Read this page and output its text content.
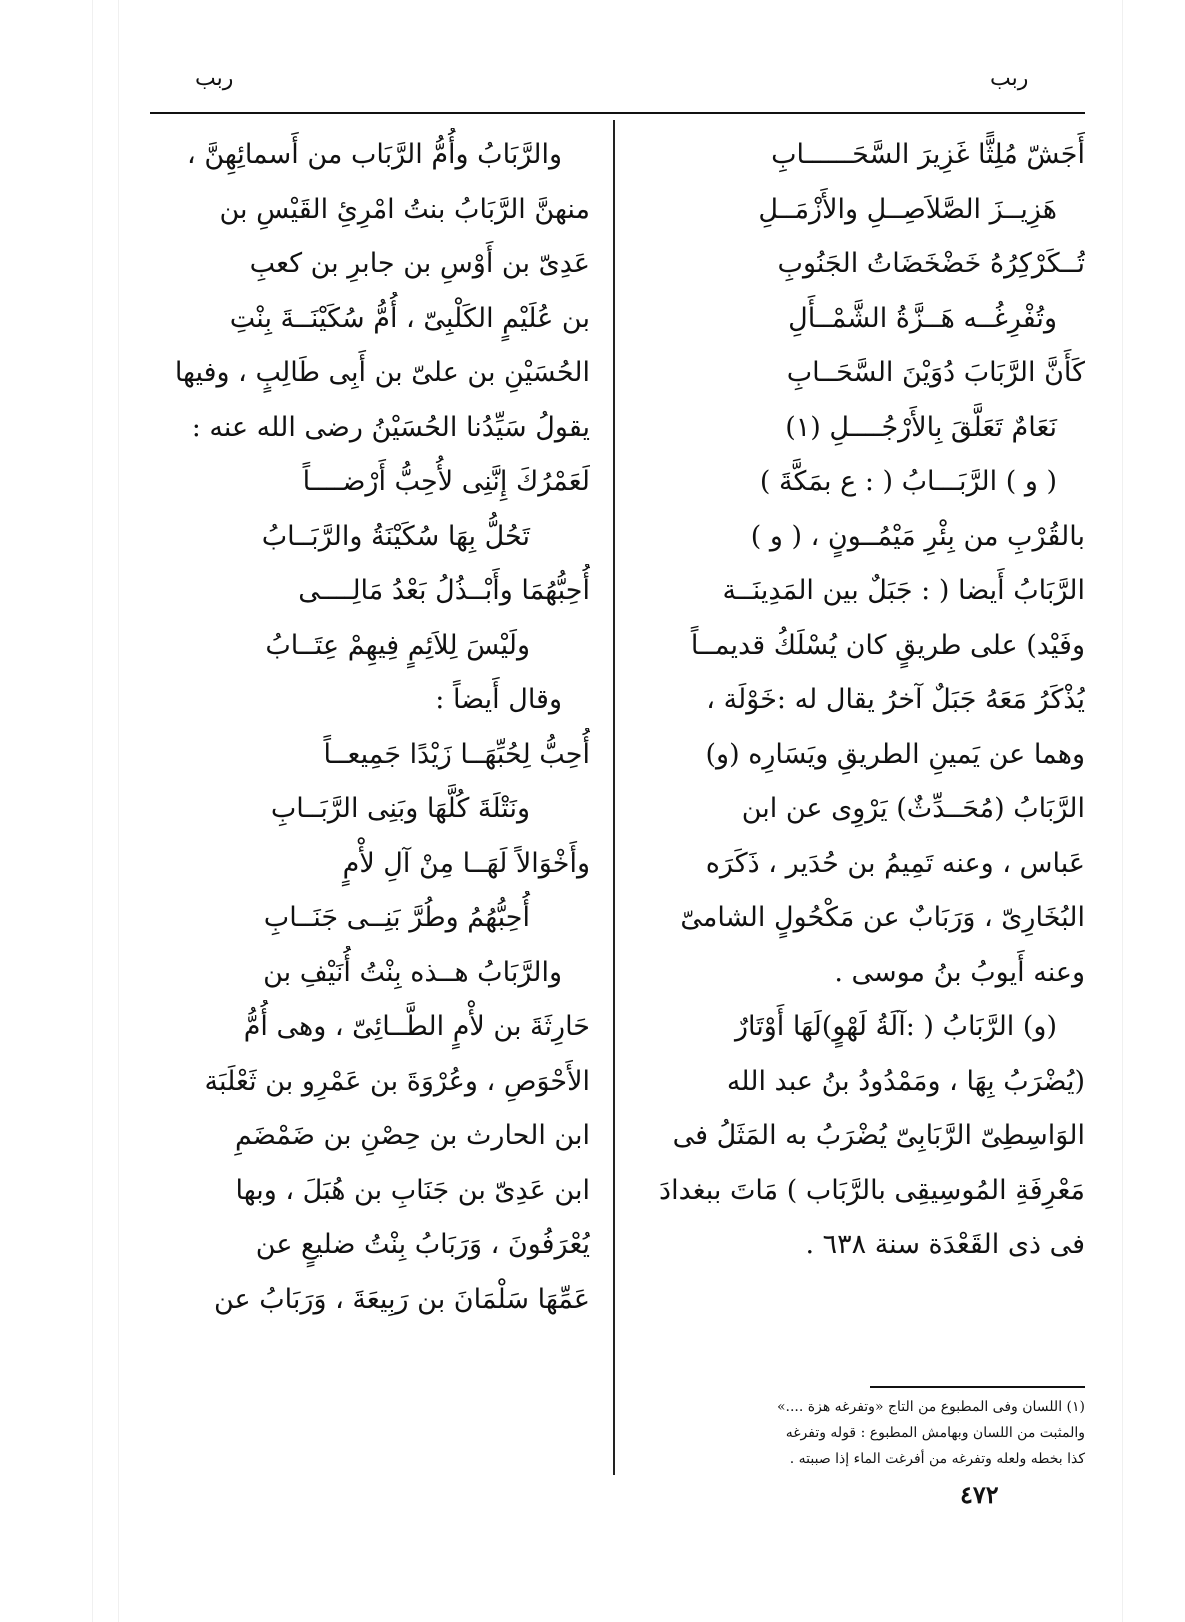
ربب
ربب
أَجَشّ مُلِثًّا غَزِيرَ السَّحَــــــابِ
هَزِيــزَ الصَّلاَصِــلِ والأَزْمَــلِ
تُــكَرْكِرُهُ خَضْخَضَاتُ الجَنُوبِ
وتُفْرِغُــه هَــزَّةُ الشَّمْــأَلِ
كَأَنَّ الرَّبَابَ دُوَيْنَ السَّحَــابِ
نَعَامٌ تَعَلَّقَ بِالأَرْجُــــلِ (١)
( و ) الرَّبَـــابُ ( : ع بمَكَّةَ )
بالقُرْبِ من بِئْرِ مَيْمُــونٍ ، ( و )
الرَّبَابُ أَيضا ( : جَبَلٌ بين المَدِينَــة
وفَيْد) على طريقٍ كان يُسْلَكُ قديمــاً
يُذْكَرُ مَعَهُ جَبَلٌ آخرُ يقال له :خَوْلَة ،
وهما عن يَمينِ الطريقِ ويَسَارِه (و)
الرَّبَابُ (مُحَــدِّثٌ) يَرْوِى عن ابن
عَباس ، وعنه تَمِيمُ بن حُدَير ، ذَكَرَه
البُخَارِىّ ، وَرَبَابٌ عن مَكْحُولٍ الشامىّ
وعنه أَيوبُ بنُ موسى .
(و) الرَّبَابُ ( :آلَةُ لَهْوٍ)لَهَا أَوْتَارٌ
(يُضْرَبُ بِهَا ، ومَمْدُودُ بنُ عبد الله
الوَاسِطِىّ الرَّبَابِىّ يُضْرَبُ به المَثَلُ فى
مَعْرِفَةِ المُوسِيقِى بالرَّبَاب ) مَاتَ ببغدادَ
فى ذى القَعْدَة سنة ٦٣٨ .
والرَّبَابُ وأُمُّ الرَّبَاب من أَسمائِهِنَّ ،
منهنَّ الرَّبَابُ بنتُ امْرِئِ القَيْسِ بن
عَدِىّ بن أَوْسِ بن جابرِ بن كعبِ
بن عُلَيْمٍ الكَلْبِىّ ، أُمُّ سُكَيْنَــةَ بِنْتِ
الحُسَيْنِ بن علىّ بن أَبِى طَالِبٍ ، وفيها
يقولُ سَيِّدُنا الحُسَيْنُ رضى الله عنه :
لَعَمْرُكَ إِنَّنِى لأُحِبُّ أَرْضــــاً
تَحُلُّ بِهَا سُكَيْنَةُ والرَّبَــابُ
أُحِبُّهُمَا وأَبْــذُلُ بَعْدُ مَالِــــى
ولَيْسَ لِلاَئِمٍ فِيهِمْ عِتَــابُ
وقال أَيضاً :
أُحِبُّ لِحُبِّهَــا زَيْدًا جَمِيعــاً
ونَتْلَةَ كُلَّهَا وبَنِى الرَّبَــابِ
وأَخْوَالاً لَهَــا مِنْ آلِ لأْمٍ
أُحِبُّهُمُ وطُرَّ بَنِــى جَنَــابِ
والرَّبَابُ هــذه بِنْتُ أُنَيْفِ بن
حَارِثَةَ بن لأْمٍ الطَّــائِىّ ، وهى أُمُّ
الأَحْوَصِ ، وعُرْوَةَ بن عَمْرِو بن ثَعْلَبَة
ابن الحارث بن حِصْنِ بن ضَمْضَمِ
ابن عَدِىّ بن جَنَابِ بن هُبَلَ ، وبها
يُعْرَفُونَ ، وَرَبَابُ بِنْتُ ضليعٍ عن
عَمِّهَا سَلْمَانَ بن رَبِيعَةَ ، وَرَبَابُ عن
(١) اللسان وفى المطبوع من التاج «وتفرغه هزة ....»
والمثبت من اللسان وبهامش المطبوع : قوله وتفرغه
كذا بخطه ولعله وتفرغه من أفرغت الماء إذا صببته .
٤٧٢
